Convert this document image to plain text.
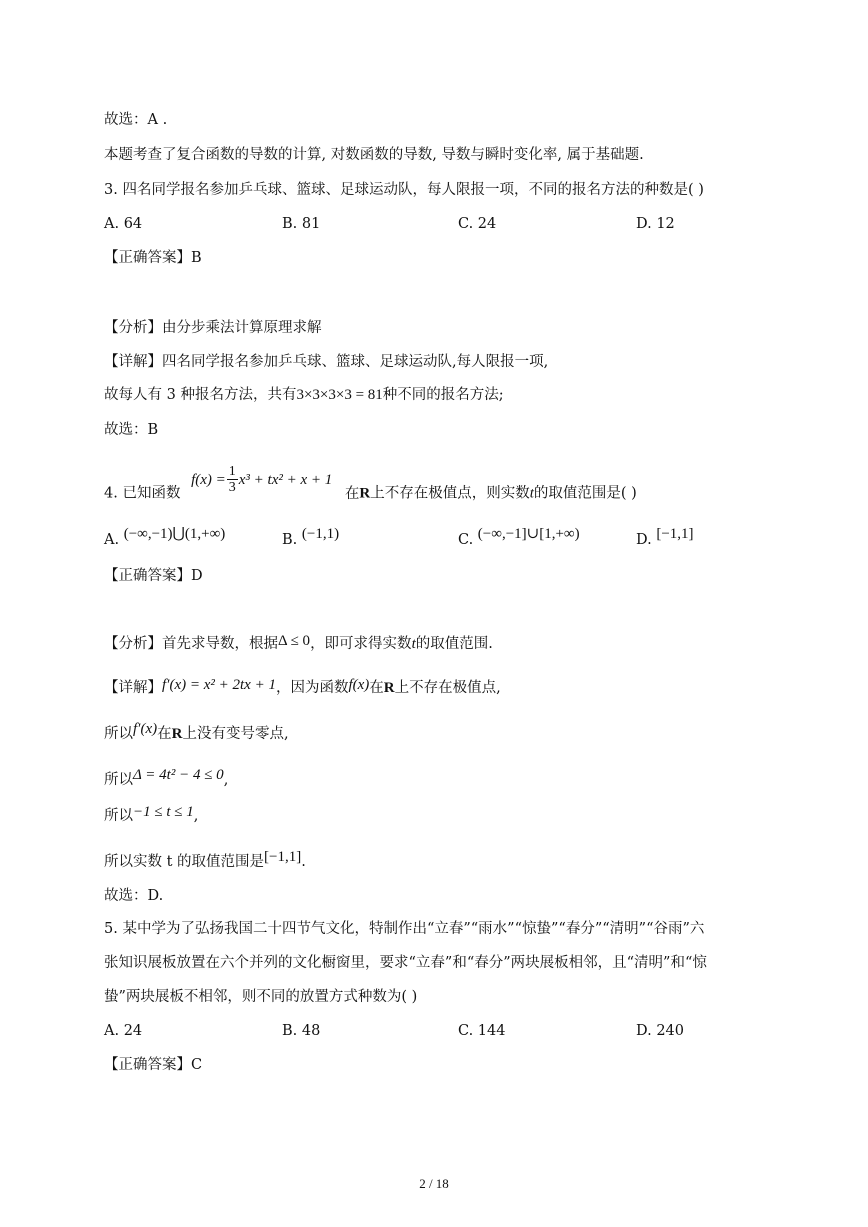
故选：A .
本题考查了复合函数的导数的计算, 对数函数的导数, 导数与瞬时变化率, 属于基础题.
3. 四名同学报名参加乒乓球、篮球、足球运动队，每人限报一项，不同的报名方法的种数是( )
A. 64	B. 81	C. 24	D. 12
【正确答案】B
【分析】由分步乘法计算原理求解
【详解】四名同学报名参加乒乓球、篮球、足球运动队,每人限报一项,
故每人有 3 种报名方法，共有3×3×3×3 = 81种不同的报名方法;
故选：B
4. 已知函数 $f(x) = \frac{1}{3} x^3 + tx^2 + x + 1$ 在R上不存在极值点，则实数t的取值范围是( )
A. (−∞,−1)⋃(1,+∞)	B. (−1,1)	C. (−∞,−1]∪[1,+∞)	D. [−1,1]
【正确答案】D
【分析】首先求导数，根据Δ ≤ 0，即可求得实数t的取值范围.
【详解】f′(x) = x² + 2tx + 1，因为函数f(x)在R上不存在极值点,
所以f′(x)在R上没有变号零点,
所以Δ = 4t² − 4 ≤ 0,
所以−1 ≤ t ≤ 1,
所以实数 t 的取值范围是[−1,1].
故选：D.
5. 某中学为了弘扬我国二十四节气文化，特制作出“立春”“雨水”“惊蛰”“春分”“清明”“谷雨”六
张知识展板放置在六个并列的文化橱窗里，要求“立春”和“春分”两块展板相邻，且“清明”和“惊
蛰”两块展板不相邻，则不同的放置方式种数为( )
A. 24	B. 48	C. 144	D. 240
【正确答案】C
2 / 18
